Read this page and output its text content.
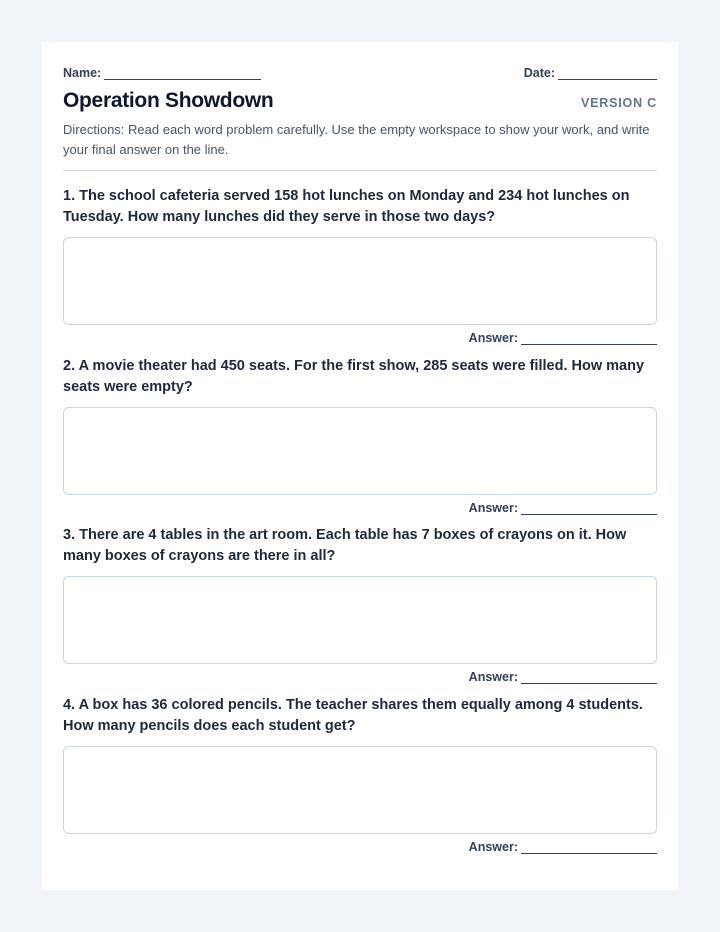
Name:	Date:
Operation Showdown	VERSION C
Directions: Read each word problem carefully. Use the empty workspace to show your work, and write your final answer on the line.
1. The school cafeteria served 158 hot lunches on Monday and 234 hot lunches on Tuesday. How many lunches did they serve in those two days?
Answer:
2. A movie theater had 450 seats. For the first show, 285 seats were filled. How many seats were empty?
Answer:
3. There are 4 tables in the art room. Each table has 7 boxes of crayons on it. How many boxes of crayons are there in all?
Answer:
4. A box has 36 colored pencils. The teacher shares them equally among 4 students. How many pencils does each student get?
Answer:
